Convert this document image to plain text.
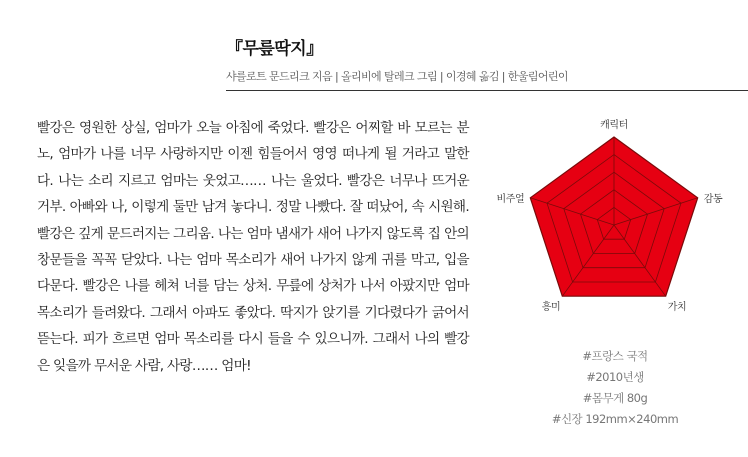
『무릎딱지』
샤를로트 문드리크 지음 | 올리비에 탈레크 그림 | 이경혜 옮김 | 한울림어린이

빨강은 영원한 상실, 엄마가 오늘 아침에 죽었다. 빨강은 어찌할 바 모르는 분노, 엄마가 나를 너무 사랑하지만 이젠 힘들어서 영영 떠나게 될 거라고 말한다. 나는 소리 지르고 엄마는 웃었고…… 나는 울었다. 빨강은 너무나 뜨거운 거부. 아빠와 나, 이렇게 둘만 남겨 놓다니. 정말 나빴다. 잘 떠났어, 속 시원해. 빨강은 깊게 문드러지는 그리움. 나는 엄마 냄새가 새어 나가지 않도록 집 안의 창문들을 꼭꼭 닫았다. 나는 엄마 목소리가 새어 나가지 않게 귀를 막고, 입을 다문다. 빨강은 나를 헤쳐 너를 담는 상처. 무릎에 상처가 나서 아팠지만 엄마 목소리가 들려왔다. 그래서 아파도 좋았다. 딱지가 앉기를 기다렸다가 긁어서 뜯는다. 피가 흐르면 엄마 목소리를 다시 들을 수 있으니까. 그래서 나의 빨강은 잊을까 무서운 사람, 사랑…… 엄마!

캐릭터
감동
가치
흥미
비주얼
#프랑스 국적
#2010년생
#몸무게 80g
#신장 192mm×240mm
